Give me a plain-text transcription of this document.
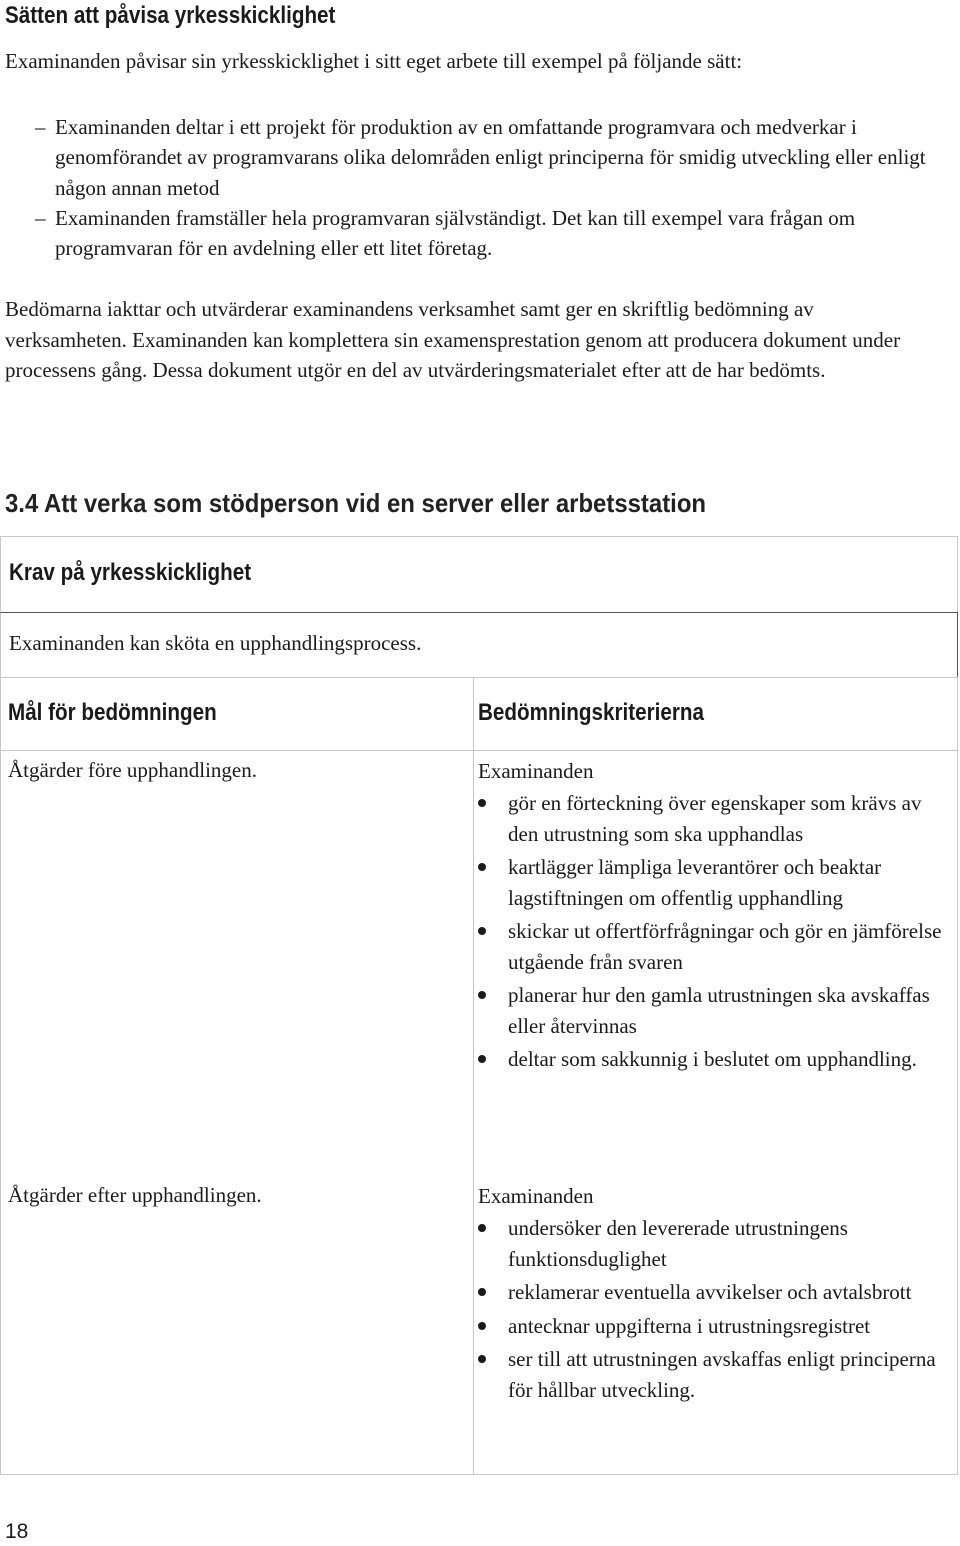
Sätten att påvisa yrkesskicklighet
Examinanden påvisar sin yrkesskicklighet i sitt eget arbete till exempel på följande sätt:
– Examinanden deltar i ett projekt för produktion av en omfattande programvara och medverkar i genomförandet av programvarans olika delområden enligt principerna för smidig utveckling eller enligt någon annan metod
– Examinanden framställer hela programvaran självständigt. Det kan till exempel vara frågan om programvaran för en avdelning eller ett litet företag.
Bedömarna iakttar och utvärderar examinandens verksamhet samt ger en skriftlig bedömning av verksamheten. Examinanden kan komplettera sin examensprestation genom att producera dokument under processens gång. Dessa dokument utgör en del av utvärderingsmaterialet efter att de har bedömts.
3.4 Att verka som stödperson vid en server eller arbetsstation
Krav på yrkesskicklighet
Examinanden kan sköta en upphandlingsprocess.
Mål för bedömningen	Bedömningskriterierna
Åtgärder före upphandlingen.	Examinanden
gör en förteckning över egenskaper som krävs av den utrustning som ska upphandlas
kartlägger lämpliga leverantörer och beaktar lagstiftningen om offentlig upphandling
skickar ut offertförfrågningar och gör en jämförelse utgående från svaren
planerar hur den gamla utrustningen ska avskaffas eller återvinnas
deltar som sakkunnig i beslutet om upphandling.
Åtgärder efter upphandlingen.	Examinanden
undersöker den levererade utrustningens funktionsduglighet
reklamerar eventuella avvikelser och avtalsbrott
antecknar uppgifterna i utrustningsregistret
ser till att utrustningen avskaffas enligt principerna för hållbar utveckling.
18
